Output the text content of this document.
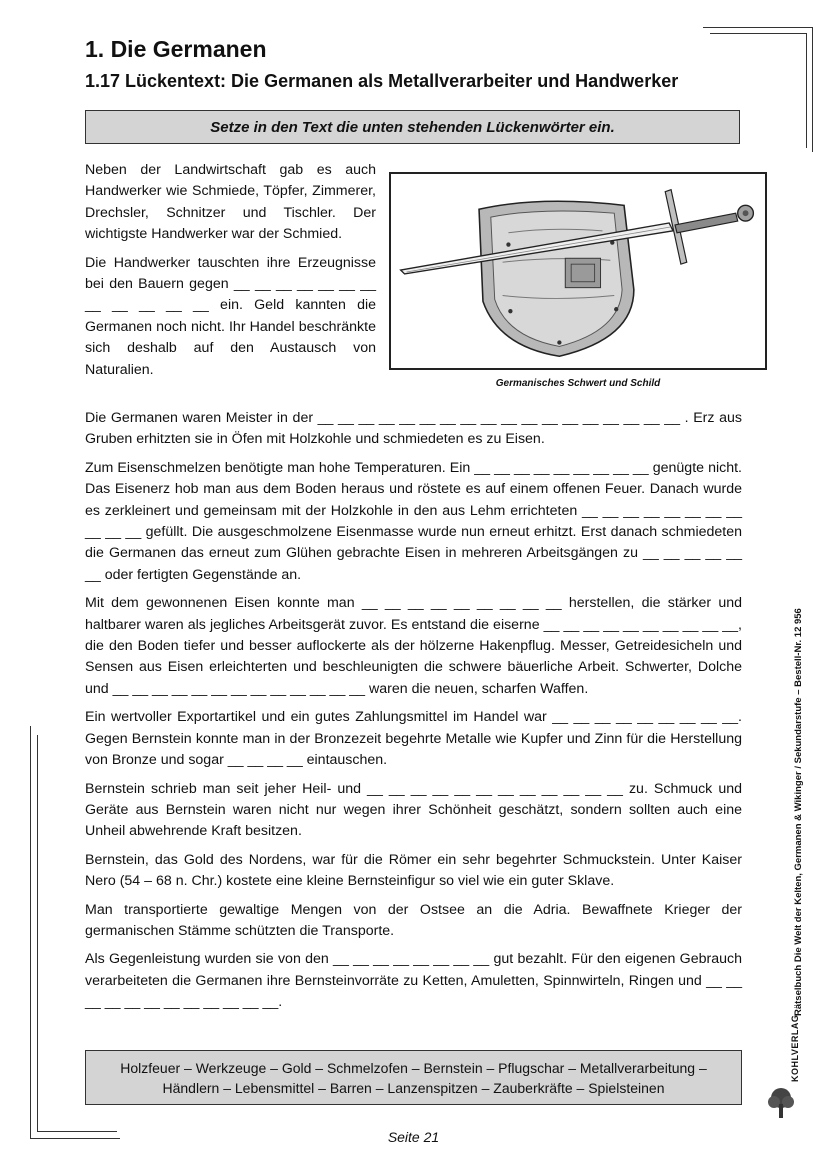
1. Die Germanen
1.17 Lückentext: Die Germanen als Metallverarbeiter und Handwerker
Setze in den Text die unten stehenden Lückenwörter ein.

Neben der Landwirtschaft gab es auch Handwerker wie Schmiede, Töpfer, Zimmerer, Drechsler, Schnitzer und Tischler. Der wichtigste Handwerker war der Schmied.

Die Handwerker tauschten ihre Erzeugnisse bei den Bauern gegen __ __ __ __ __ __ __ __ __ __ __ __ ein. Geld kannten die Germanen noch nicht. Ihr Handel beschränkte sich deshalb auf den Austausch von Naturalien.

Germanisches Schwert und Schild

Die Germanen waren Meister in der __ __ __ __ __ __ __ __ __ __ __ __ __ __ __ __ __ __ . Erz aus Gruben erhitzten sie in Öfen mit Holzkohle und schmiedeten es zu Eisen.

Zum Eisenschmelzen benötigte man hohe Temperaturen. Ein __ __ __ __ __ __ __ __ __ genügte nicht. Das Eisenerz hob man aus dem Boden heraus und röstete es auf einem offenen Feuer. Danach wurde es zerkleinert und gemeinsam mit der Holzkohle in den aus Lehm errichteten __ __ __ __ __ __ __ __ __ __ __ gefüllt. Die ausgeschmolzene Eisenmasse wurde nun erneut erhitzt. Erst danach schmiedeten die Germanen das erneut zum Glühen gebrachte Eisen in mehreren Arbeitsgängen zu __ __ __ __ __ __ oder fertigten Gegenstände an.

Mit dem gewonnenen Eisen konnte man __ __ __ __ __ __ __ __ __ herstellen, die stärker und haltbarer waren als jegliches Arbeitsgerät zuvor. Es entstand die eiserne __ __ __ __ __ __ __ __ __ __, die den Boden tiefer und besser auflockerte als der hölzerne Hakenpflug. Messer, Getreidesicheln und Sensen aus Eisen erleichterten und beschleunigten die schwere bäuerliche Arbeit. Schwerter, Dolche und __ __ __ __ __ __ __ __ __ __ __ __ __ waren die neuen, scharfen Waffen.

Ein wertvoller Exportartikel und ein gutes Zahlungsmittel im Handel war __ __ __ __ __ __ __ __ __. Gegen Bernstein konnte man in der Bronzezeit begehrte Metalle wie Kupfer und Zinn für die Herstellung von Bronze und sogar __ __ __ __ eintauschen.

Bernstein schrieb man seit jeher Heil- und __ __ __ __ __ __ __ __ __ __ __ __ zu. Schmuck und Geräte aus Bernstein waren nicht nur wegen ihrer Schönheit geschätzt, sondern sollten auch eine Unheil abwehrende Kraft besitzen.

Bernstein, das Gold des Nordens, war für die Römer ein sehr begehrter Schmuckstein. Unter Kaiser Nero (54 – 68 n. Chr.) kostete eine kleine Bernsteinfigur so viel wie ein guter Sklave.

Man transportierte gewaltige Mengen von der Ostsee an die Adria. Bewaffnete Krieger der germanischen Stämme schützten die Transporte.

Als Gegenleistung wurden sie von den __ __ __ __ __ __ __ __ gut bezahlt. Für den eigenen Gebrauch verarbeiteten die Germanen ihre Bernsteinvorräte zu Ketten, Amuletten, Spinnwirteln, Ringen und __ __ __ __ __ __ __ __ __ __ __ __.	Rätselbuch Die Welt der Kelten, Germanen & Wikinger / Sekundarstufe – Bestell-Nr. 12 956
Holzfeuer – Werkzeuge – Gold – Schmelzofen – Bernstein – Pflugschar – Metallverarbeitung –
Händlern – Lebensmittel – Barren – Lanzenspitzen – Zauberkräfte – Spielsteinen
KOHLVERLAG
Seite 21
